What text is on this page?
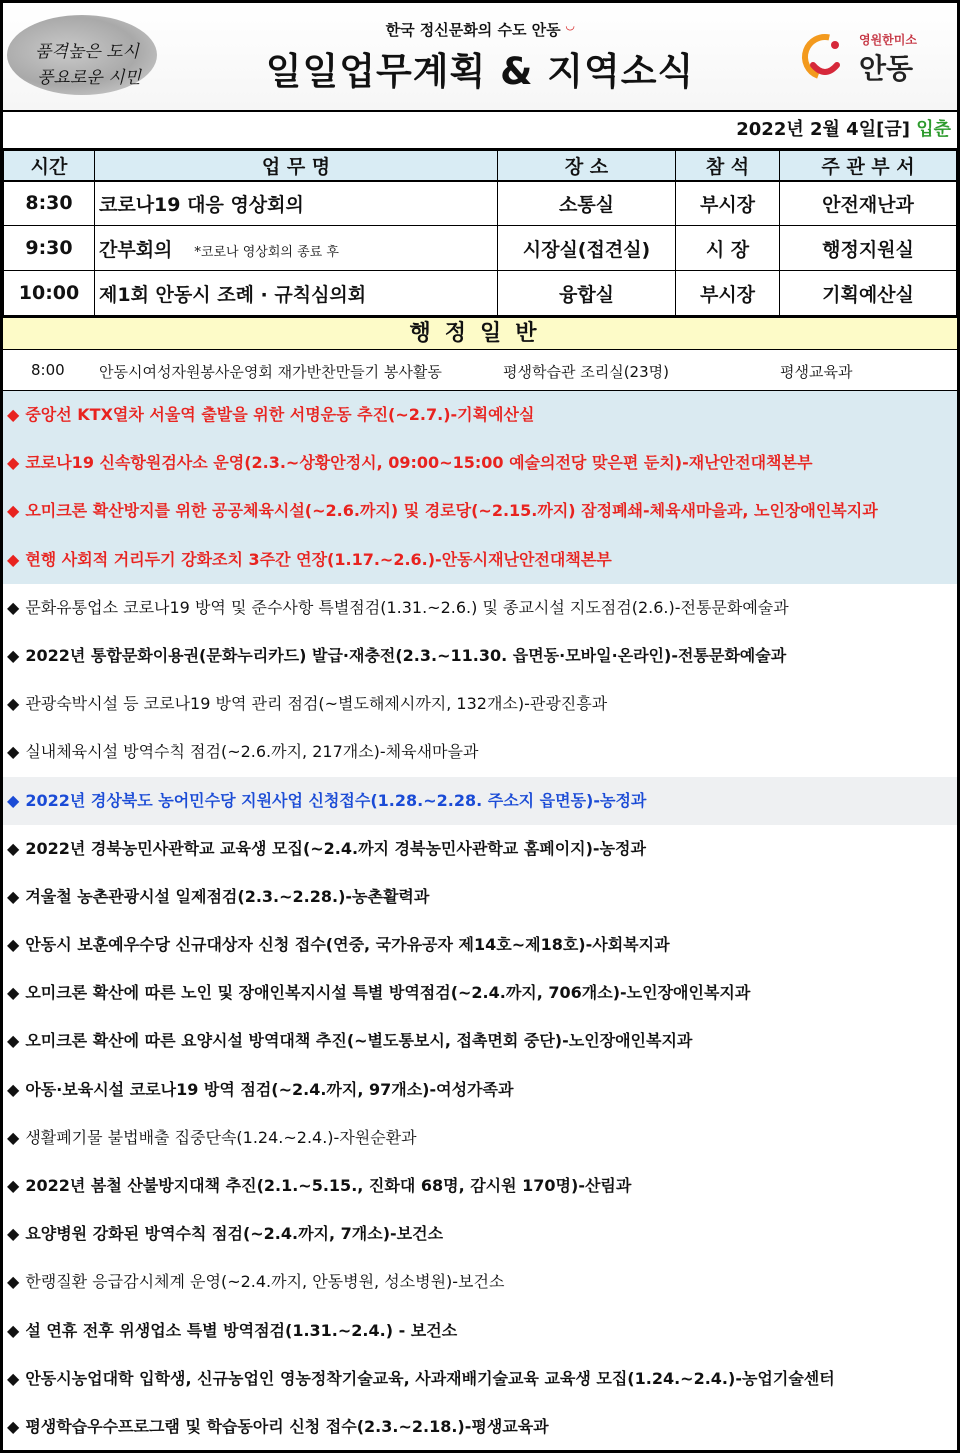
품격높은 도시
풍요로운 시민
한국 정신문화의 수도 안동 ◡
일일업무계획 & 지역소식
영원한미소
안동
2022년 2월 4일[금] 입춘
시간	업 무 명	장 소	참 석	주 관 부 서
8:30	코로나19 대응 영상회의	소통실	부시장	안전재난과
9:30	간부회의 *코로나 영상회의 종료 후	시장실(접견실)	시 장	행정지원실
10:00	제1회 안동시 조례 · 규칙심의회	융합실	부시장	기획예산실
행정일반
8:00 안동시여성자원봉사운영회 재가반찬만들기 봉사활동	평생학습관 조리실(23명)	평생교육과
◆ 중앙선 KTX열차 서울역 출발을 위한 서명운동 추진(~2.7.)-기획예산실
◆ 코로나19 신속항원검사소 운영(2.3.~상황안정시, 09:00~15:00 예술의전당 맞은편 둔치)-재난안전대책본부
◆ 오미크론 확산방지를 위한 공공체육시설(~2.6.까지) 및 경로당(~2.15.까지) 잠정폐쇄-체육새마을과, 노인장애인복지과
◆ 현행 사회적 거리두기 강화조치 3주간 연장(1.17.~2.6.)-안동시재난안전대책본부
◆ 문화유통업소 코로나19 방역 및 준수사항 특별점검(1.31.~2.6.) 및 종교시설 지도점검(2.6.)-전통문화예술과
◆ 2022년 통합문화이용권(문화누리카드) 발급·재충전(2.3.~11.30. 읍면동·모바일·온라인)-전통문화예술과
◆ 관광숙박시설 등 코로나19 방역 관리 점검(~별도해제시까지, 132개소)-관광진흥과
◆ 실내체육시설 방역수칙 점검(~2.6.까지, 217개소)-체육새마을과
◆ 2022년 경상북도 농어민수당 지원사업 신청접수(1.28.~2.28. 주소지 읍면동)-농정과
◆ 2022년 경북농민사관학교 교육생 모집(~2.4.까지 경북농민사관학교 홈페이지)-농정과
◆ 겨울철 농촌관광시설 일제점검(2.3.~2.28.)-농촌활력과
◆ 안동시 보훈예우수당 신규대상자 신청 접수(연중, 국가유공자 제14호~제18호)-사회복지과
◆ 오미크론 확산에 따른 노인 및 장애인복지시설 특별 방역점검(~2.4.까지, 706개소)-노인장애인복지과
◆ 오미크론 확산에 따른 요양시설 방역대책 추진(~별도통보시, 접촉면회 중단)-노인장애인복지과
◆ 아동·보육시설 코로나19 방역 점검(~2.4.까지, 97개소)-여성가족과
◆ 생활폐기물 불법배출 집중단속(1.24.~2.4.)-자원순환과
◆ 2022년 봄철 산불방지대책 추진(2.1.~5.15., 진화대 68명, 감시원 170명)-산림과
◆ 요양병원 강화된 방역수칙 점검(~2.4.까지, 7개소)-보건소
◆ 한랭질환 응급감시체계 운영(~2.4.까지, 안동병원, 성소병원)-보건소
◆ 설 연휴 전후 위생업소 특별 방역점검(1.31.~2.4.) - 보건소
◆ 안동시농업대학 입학생, 신규농업인 영농정착기술교육, 사과재배기술교육 교육생 모집(1.24.~2.4.)-농업기술센터
◆ 평생학습우수프로그램 및 학습동아리 신청 접수(2.3.~2.18.)-평생교육과
